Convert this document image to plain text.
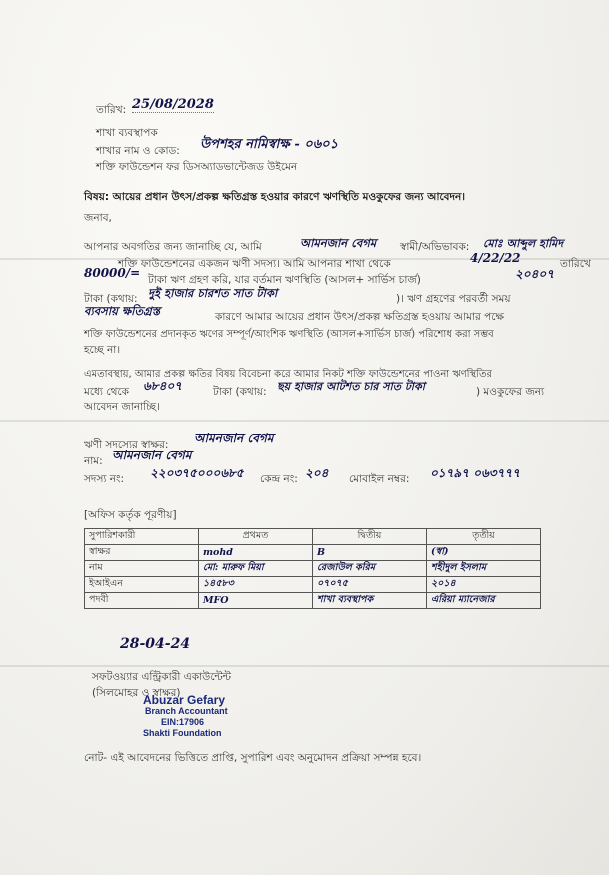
তারিখ: 25/08/2028
শাখা ব্যবস্থাপক
শাখার নাম ও কোড: উপশহর নামিস্বাক্ষ - ০৬০১
শক্তি ফাউন্ডেশন ফর ডিসঅ্যাডভান্টেজড উইমেন
বিষয়: আয়ের প্রধান উৎস/প্রকল্প ক্ষতিগ্রস্ত হওয়ার কারণে ঋণস্থিতি মওকুফের জন্য আবেদন।
জনাব,
আপনার অবগতির জন্য জানাচ্ছি যে, আমি	আমনজান বেগম স্বামী/অভিভাবক: মোঃ আব্দুল হামিদ
শক্তি ফাউন্ডেশনের একজন ঋণী সদস্য। আমি আপনার শাখা থেকে	4/22/22	তারিখে
80000/= টাকা ঋণ গ্রহণ করি, যার বর্তমান ঋণস্থিতি (আসল+ সার্ভিস চার্জ)	২০৪০৭
টাকা (কথায়: দুই হাজার চারশত সাত টাকা	)। ঋণ গ্রহণের পরবর্তী সময়
ব্যবসায় ক্ষতিগ্রস্ত	কারণে আমার আয়ের প্রধান উৎস/প্রকল্প ক্ষতিগ্রস্ত হওয়ায় আমার পক্ষে
শক্তি ফাউন্ডেশনের প্রদানকৃত ঋণের সম্পূর্ণ/আংশিক ঋণস্থিতি (আসল+সার্ভিস চার্জ) পরিশোধ করা সম্ভব
হচ্ছে না।
এমতাবস্থায়, আমার প্রকল্প ক্ষতির বিষয় বিবেচনা করে আমার নিকট শক্তি ফাউন্ডেশনের পাওনা ঋণস্থিতির
মধ্যে থেকে ৬৮৪০৭	টাকা (কথায়: ছয় হাজার আটশত চার সাত টাকা	) মওকুফের জন্য
আবেদন জানাচ্ছি।
ঋণী সদস্যের স্বাক্ষর: আমনজান বেগম
নাম: আমনজান বেগম
সদস্য নং: ২২০৩৭৫০০০৬৮৫ কেন্দ্র নং: ২০৪ মোবাইল নম্বর: ০১৭৯৭ ০৬৩৭৭৭
[অফিস কর্তৃক পূরণীয়]
সুপারিশকারী	প্রথমত	দ্বিতীয়	তৃতীয়
স্বাক্ষর	mohd	B	(স্বা)
নাম	মো: মারুফ মিয়া	রেজাউল করিম	শহীদুল ইসলাম
ইআইএন	১৪৫৮৩	০৭০৭৫	২০১৪
পদবী	MFO	শাখা ব্যবস্থাপক	এরিয়া ম্যানেজার
28-04-24
সফটওয়্যার এন্ট্রিকারী একাউন্টেন্ট
(সিলমোহর ও স্বাক্ষর)
Abuzar Gefary
Branch Accountant
EIN:17906
Shakti Foundation
নোট- এই আবেদনের ভিত্তিতে প্রাপ্তি, সুপারিশ এবং অনুমোদন প্রক্রিয়া সম্পন্ন হবে।
